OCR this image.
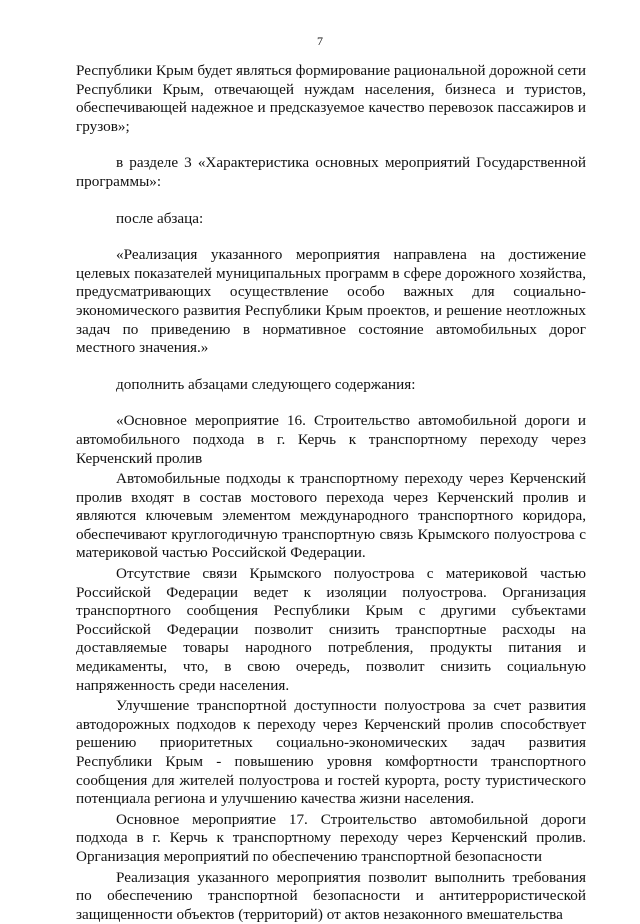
7

Республики Крым будет являться формирование рациональной дорожной сети Республики Крым, отвечающей нуждам населения, бизнеса и туристов, обеспечивающей надежное и предсказуемое качество перевозок пассажиров и грузов»;

в разделе 3 «Характеристика основных мероприятий Государственной программы»:

после абзаца:

«Реализация указанного мероприятия направлена на достижение целевых показателей муниципальных программ в сфере дорожного хозяйства, предусматривающих осуществление особо важных для социально-экономического развития Республики Крым проектов, и решение неотложных задач по приведению в нормативное состояние автомобильных дорог местного значения.»

дополнить абзацами следующего содержания:

«Основное мероприятие 16. Строительство автомобильной дороги и автомобильного подхода в г. Керчь к транспортному переходу через Керченский пролив

Автомобильные подходы к транспортному переходу через Керченский пролив входят в состав мостового перехода через Керченский пролив и являются ключевым элементом международного транспортного коридора, обеспечивают круглогодичную транспортную связь Крымского полуострова с материковой частью Российской Федерации.

Отсутствие связи Крымского полуострова с материковой частью Российской Федерации ведет к изоляции полуострова. Организация транспортного сообщения Республики Крым с другими субъектами Российской Федерации позволит снизить транспортные расходы на доставляемые товары народного потребления, продукты питания и медикаменты, что, в свою очередь, позволит снизить социальную напряженность среди населения.

Улучшение транспортной доступности полуострова за счет развития автодорожных подходов к переходу через Керченский пролив способствует решению приоритетных социально-экономических задач развития Республики Крым - повышению уровня комфортности транспортного сообщения для жителей полуострова и гостей курорта, росту туристического потенциала региона и улучшению качества жизни населения.

Основное мероприятие 17. Строительство автомобильной дороги подхода в г. Керчь к транспортному переходу через Керченский пролив. Организация мероприятий по обеспечению транспортной безопасности

Реализация указанного мероприятия позволит выполнить требования по обеспечению транспортной безопасности и антитеррористической защищенности объектов (территорий) от актов незаконного вмешательства
